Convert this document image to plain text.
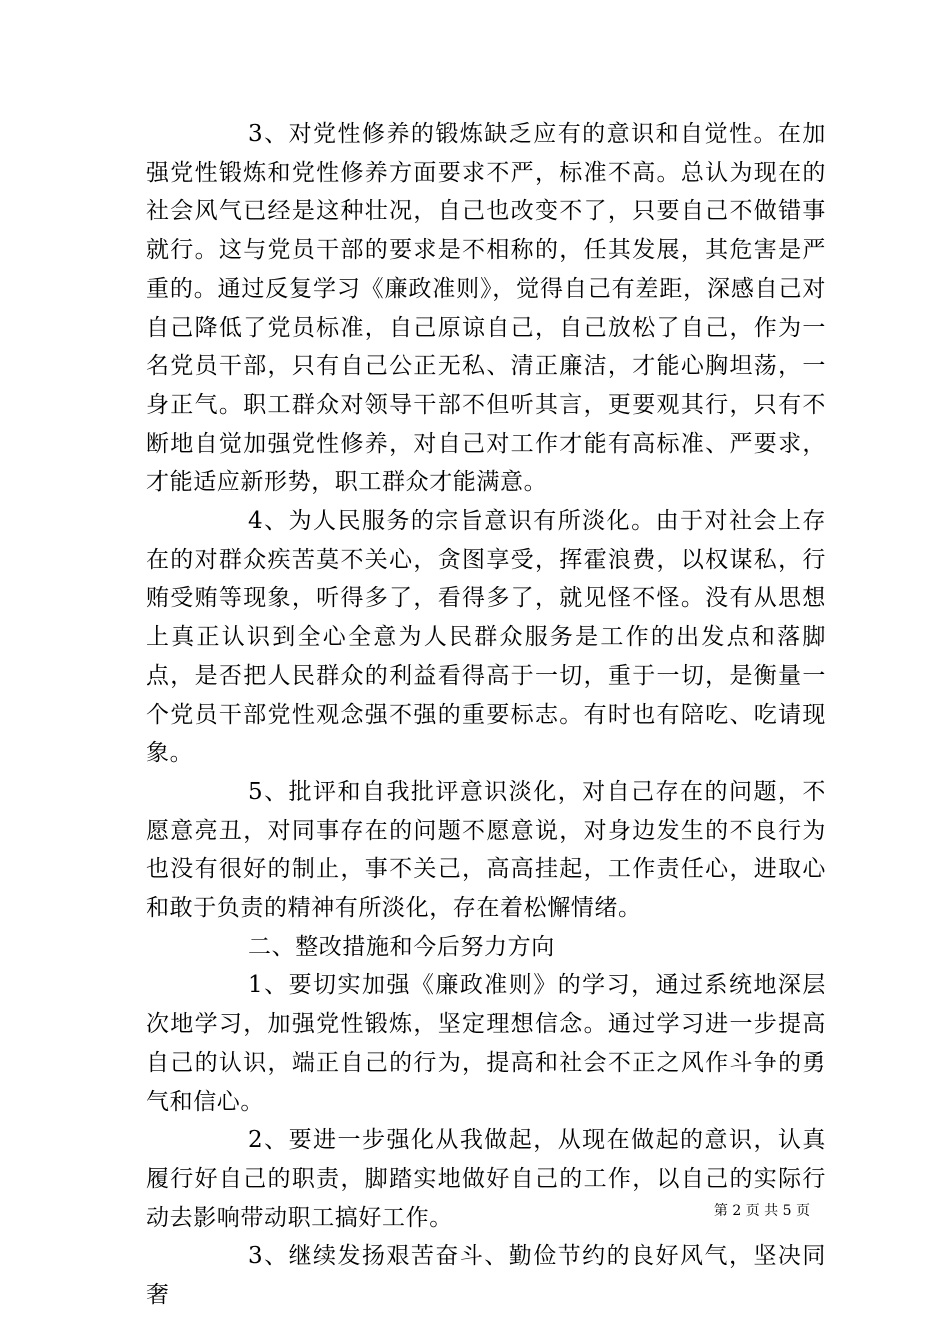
3、对党性修养的锻炼缺乏应有的意识和自觉性。在加强党性锻炼和党性修养方面要求不严，标准不高。总认为现在的社会风气已经是这种壮况，自己也改变不了，只要自己不做错事就行。这与党员干部的要求是不相称的，任其发展，其危害是严重的。通过反复学习《廉政准则》，觉得自己有差距，深感自己对自己降低了党员标准，自己原谅自己，自己放松了自己，作为一名党员干部，只有自己公正无私、清正廉洁，才能心胸坦荡，一身正气。职工群众对领导干部不但听其言，更要观其行，只有不断地自觉加强党性修养，对自己对工作才能有高标准、严要求，才能适应新形势，职工群众才能满意。

4、为人民服务的宗旨意识有所淡化。由于对社会上存在的对群众疾苦莫不关心，贪图享受，挥霍浪费，以权谋私，行贿受贿等现象，听得多了，看得多了，就见怪不怪。没有从思想上真正认识到全心全意为人民群众服务是工作的出发点和落脚点，是否把人民群众的利益看得高于一切，重于一切，是衡量一个党员干部党性观念强不强的重要标志。有时也有陪吃、吃请现象。

5、批评和自我批评意识淡化，对自己存在的问题，不愿意亮丑，对同事存在的问题不愿意说，对身边发生的不良行为也没有很好的制止，事不关己，高高挂起，工作责任心，进取心和敢于负责的精神有所淡化，存在着松懈情绪。

二、整改措施和今后努力方向

1、要切实加强《廉政准则》的学习，通过系统地深层次地学习，加强党性锻炼，坚定理想信念。通过学习进一步提高自己的认识，端正自己的行为，提高和社会不正之风作斗争的勇气和信心。

2、要进一步强化从我做起，从现在做起的意识，认真履行好自己的职责，脚踏实地做好自己的工作，以自己的实际行动去影响带动职工搞好工作。

3、继续发扬艰苦奋斗、勤俭节约的良好风气，坚决同奢

第 2 页 共 5 页
